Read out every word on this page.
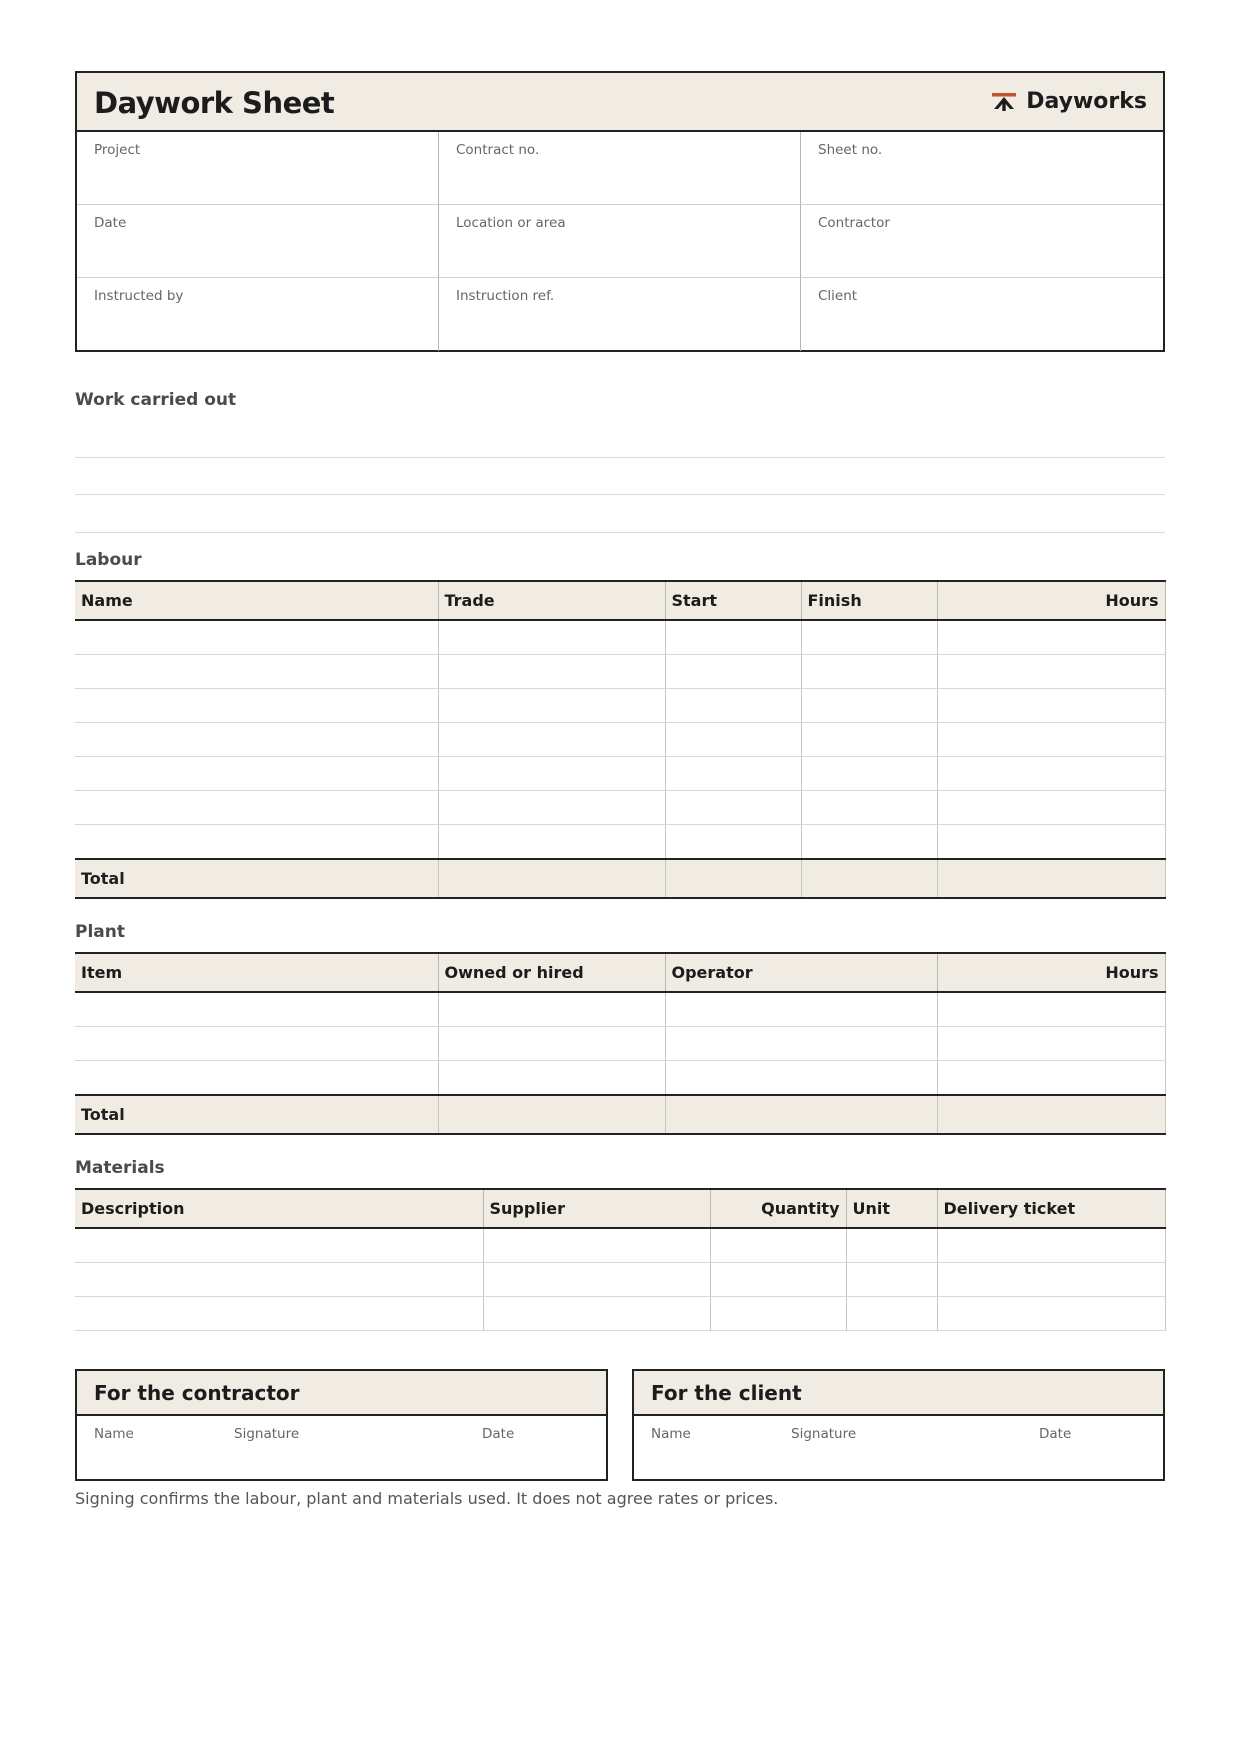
Daywork Sheet	Dayworks
Project	Contract no.	Sheet no.
Date	Location or area	Contractor
Instructed by	Instruction ref.	Client
Work carried out
Labour
Name	Trade	Start	Finish	Hours

Total				
Plant
Item	Owned or hired	Operator	Hours

Total			
Materials
Description	Supplier	Quantity	Unit	Delivery ticket

For the contractor
Name	Signature	Date
For the client
Name	Signature	Date
Signing confirms the labour, plant and materials used. It does not agree rates or prices.
